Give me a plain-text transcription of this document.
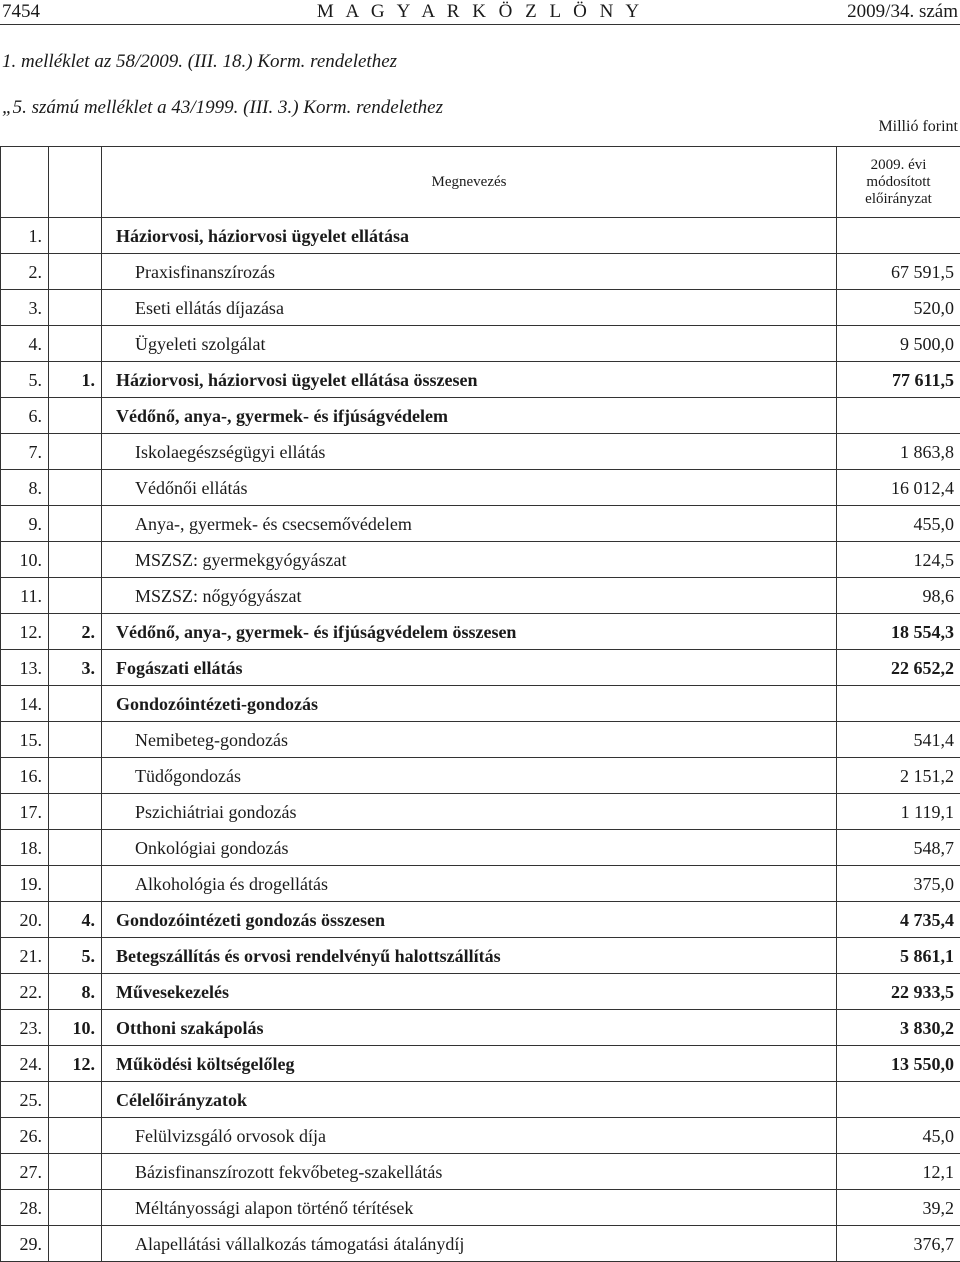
7454	M A G Y A R K Ö Z L Ö N Y	2009/34. szám
1. melléklet az 58/2009. (III. 18.) Korm. rendelethez
„5. számú melléklet a 43/1999. (III. 3.) Korm. rendelethez
Millió forint
		Megnevezés	2009. évi módosított előirányzat
1.		Háziorvosi, háziorvosi ügyelet ellátása	
2.		Praxisfinanszírozás	67 591,5
3.		Eseti ellátás díjazása	520,0
4.		Ügyeleti szolgálat	9 500,0
5.	1.	Háziorvosi, háziorvosi ügyelet ellátása összesen	77 611,5
6.		Védőnő, anya-, gyermek- és ifjúságvédelem	
7.		Iskolaegészségügyi ellátás	1 863,8
8.		Védőnői ellátás	16 012,4
9.		Anya-, gyermek- és csecsemővédelem	455,0
10.		MSZSZ: gyermekgyógyászat	124,5
11.		MSZSZ: nőgyógyászat	98,6
12.	2.	Védőnő, anya-, gyermek- és ifjúságvédelem összesen	18 554,3
13.	3.	Fogászati ellátás	22 652,2
14.		Gondozóintézeti-gondozás	
15.		Nemibeteg-gondozás	541,4
16.		Tüdőgondozás	2 151,2
17.		Pszichiátriai gondozás	1 119,1
18.		Onkológiai gondozás	548,7
19.		Alkohológia és drogellátás	375,0
20.	4.	Gondozóintézeti gondozás összesen	4 735,4
21.	5.	Betegszállítás és orvosi rendelvényű halottszállítás	5 861,1
22.	8.	Művesekezelés	22 933,5
23.	10.	Otthoni szakápolás	3 830,2
24.	12.	Működési költségelőleg	13 550,0
25.		Célelőirányzatok	
26.		Felülvizsgáló orvosok díja	45,0
27.		Bázisfinanszírozott fekvőbeteg-szakellátás	12,1
28.		Méltányossági alapon történő térítések	39,2
29.		Alapellátási vállalkozás támogatási átalánydíj	376,7
